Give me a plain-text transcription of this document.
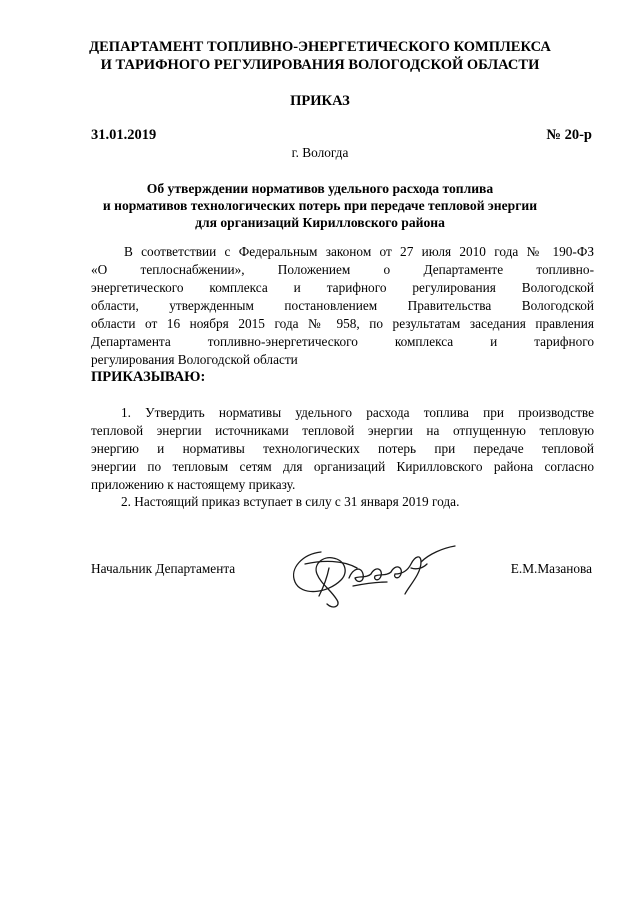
ДЕПАРТАМЕНТ ТОПЛИВНО-ЭНЕРГЕТИЧЕСКОГО КОМПЛЕКСА
И ТАРИФНОГО РЕГУЛИРОВАНИЯ ВОЛОГОДСКОЙ ОБЛАСТИ
ПРИКАЗ
31.01.2019	№ 20-р
г. Вологда
Об утверждении нормативов удельного расхода топлива
и нормативов технологических потерь при передаче тепловой энергии
для организаций Кирилловского района
В соответствии с Федеральным законом от 27 июля 2010 года № 190-ФЗ
«О теплоснабжении», Положением о Департаменте топливно-
энергетического комплекса и тарифного регулирования Вологодской
области, утвержденным постановлением Правительства Вологодской
области от 16 ноября 2015 года № 958, по результатам заседания правления
Департамента топливно-энергетического комплекса и тарифного
регулирования Вологодской области
ПРИКАЗЫВАЮ:
1. Утвердить нормативы удельного расхода топлива при производстве
тепловой энергии источниками тепловой энергии на отпущенную тепловую
энергию и нормативы технологических потерь при передаче тепловой
энергии по тепловым сетям для организаций Кирилловского района согласно
приложению к настоящему приказу.
2. Настоящий приказ вступает в силу с 31 января 2019 года.
Начальник Департамента	Е.М.Мазанова
